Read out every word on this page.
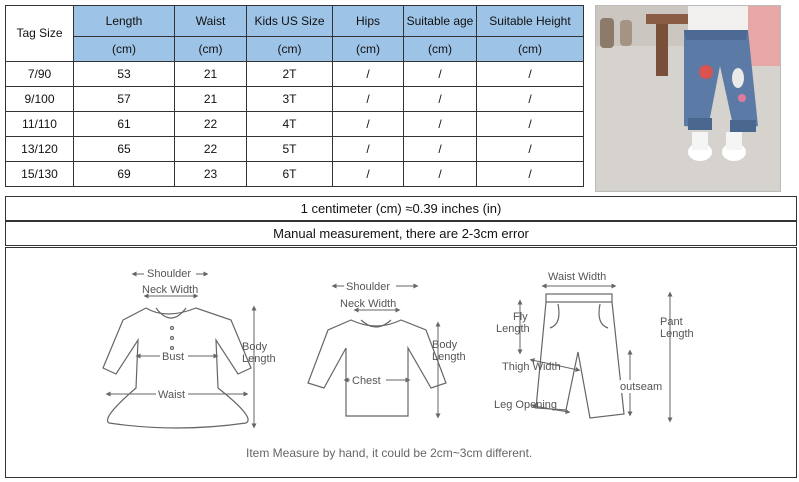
Tag Size	Length	Waist	Kids US Size	Hips	Suitable age	Suitable Height
	(cm)	(cm)	(cm)	(cm)	(cm)	(cm)
7/90	53	21	2T	/	/	/
9/100	57	21	3T	/	/	/
11/110	61	22	4T	/	/	/
13/120	65	22	5T	/	/	/
15/130	69	23	6T	/	/	/
1 centimeter (cm) ≈0.39 inches (in)
Manual measurement, there are 2-3cm error
Shoulder
Neck Width
Bust
Waist
Body Length
Shoulder
Neck Width
Chest
Body Length
Waist Width
Fly Length
Thigh Width
Leg Opening
outseam
Pant Length
Item Measure by hand, it could be 2cm~3cm different.
